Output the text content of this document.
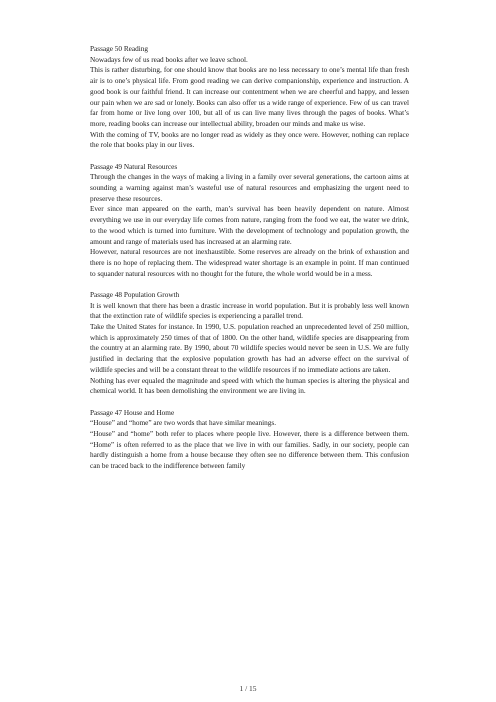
Passage 50 Reading

Nowadays few of us read books after we leave school.

This is rather disturbing, for one should know that books are no less necessary to one’s mental life than fresh air is to one’s physical life. From good reading we can derive companionship, experience and instruction. A good book is our faithful friend. It can increase our contentment when we are cheerful and happy, and lessen our pain when we are sad or lonely. Books can also offer us a wide range of experience. Few of us can travel far from home or live long over 100, but all of us can live many lives through the pages of books. What’s more, reading books can increase our intellectual ability, broaden our minds and make us wise.

With the coming of TV, books are no longer read as widely as they once were. However, nothing can replace the role that books play in our lives.

Passage 49 Natural Resources

Through the changes in the ways of making a living in a family over several generations, the cartoon aims at sounding a warning against man’s wasteful use of natural resources and emphasizing the urgent need to preserve these resources.

Ever since man appeared on the earth, man’s survival has been heavily dependent on nature. Almost everything we use in our everyday life comes from nature, ranging from the food we eat, the water we drink, to the wood which is turned into furniture. With the development of technology and population growth, the amount and range of materials used has increased at an alarming rate.

However, natural resources are not inexhaustible. Some reserves are already on the brink of exhaustion and there is no hope of replacing them. The widespread water shortage is an example in point. If man continued to squander natural resources with no thought for the future, the whole world would be in a mess.

Passage 48 Population Growth

It is well known that there has been a drastic increase in world population. But it is probably less well known that the extinction rate of wildlife species is experiencing a parallel trend.

Take the United States for instance. In 1990, U.S. population reached an unprecedented level of 250 million, which is approximately 250 times of that of 1800. On the other hand, wildlife species are disappearing from the country at an alarming rate. By 1990, about 70 wildlife species would never be seen in U.S. We are fully justified in declaring that the explosive population growth has had an adverse effect on the survival of wildlife species and will be a constant threat to the wildlife resources if no immediate actions are taken.

Nothing has ever equaled the magnitude and speed with which the human species is altering the physical and chemical world. It has been demolishing the environment we are living in.

Passage 47 House and Home

“House” and “home” are two words that have similar meanings.

“House” and “home” both refer to places where people live. However, there is a difference between them. “Home” is often referred to as the place that we live in with our families. Sadly, in our society, people can hardly distinguish a home from a house because they often see no difference between them. This confusion can be traced back to the indifference between family

1 / 15
